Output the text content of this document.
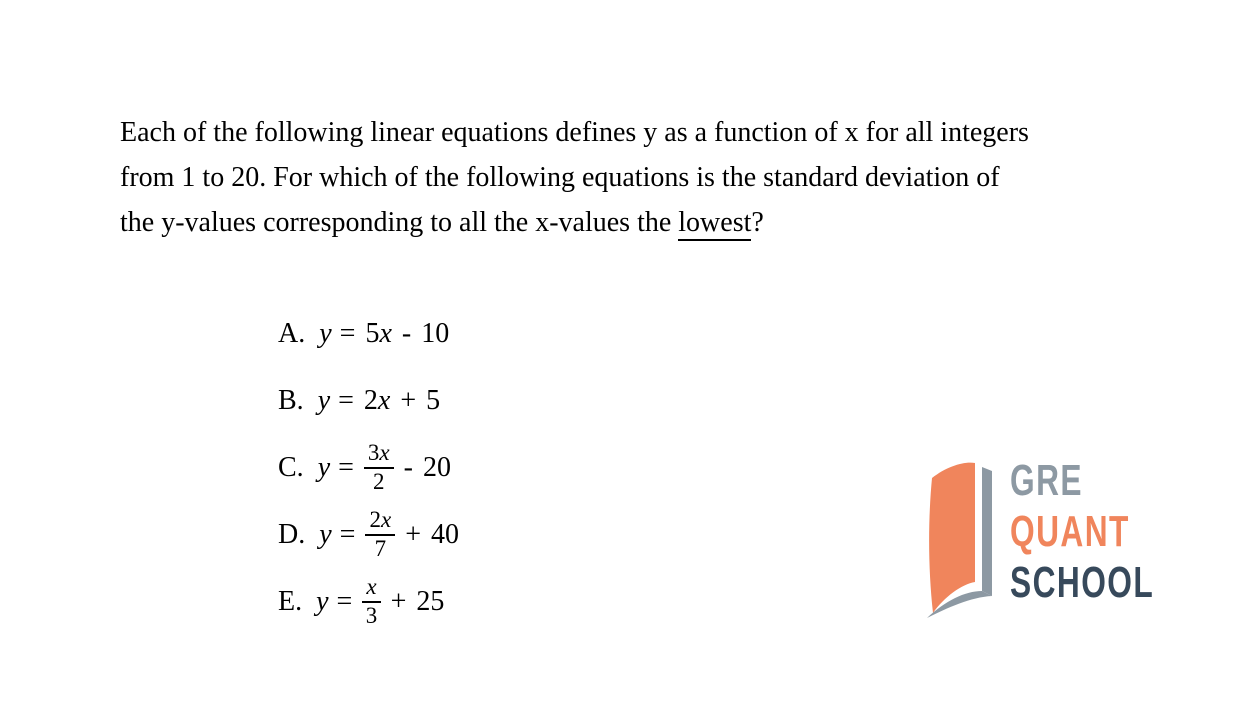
Each of the following linear equations defines y as a function of x for all integers
from 1 to 20. For which of the following equations is the standard deviation of
the y-values corresponding to all the x-values the lowest?
A. y = 5x - 10
B. y = 2x + 5
C. $y = \frac{3x}{2} - 20$
D. $y = \frac{2x}{7} + 40$
E. $y = \frac{x}{3} + 25$
GRE
QUANT
SCHOOL
